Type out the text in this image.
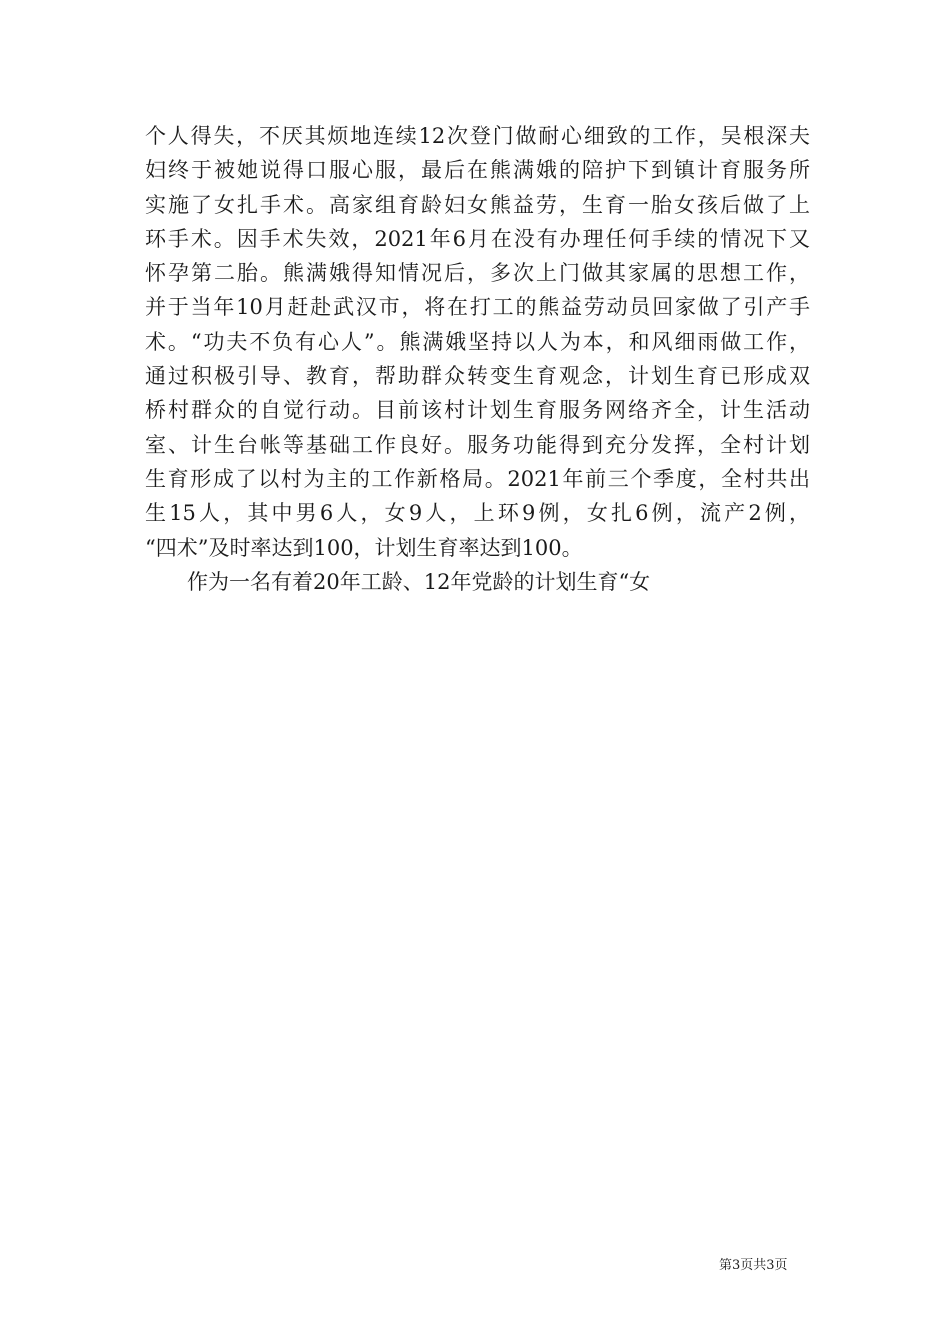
个人得失，不厌其烦地连续12次登门做耐心细致的工作，吴根深夫
妇终于被她说得口服心服，最后在熊满娥的陪护下到镇计育服务所
实施了女扎手术。高家组育龄妇女熊益劳，生育一胎女孩后做了上
环手术。因手术失效，2021年6月在没有办理任何手续的情况下又
怀孕第二胎。熊满娥得知情况后，多次上门做其家属的思想工作，
并于当年10月赶赴武汉市，将在打工的熊益劳动员回家做了引产手
术。“功夫不负有心人”。熊满娥坚持以人为本，和风细雨做工作，
通过积极引导、教育，帮助群众转变生育观念，计划生育已形成双
桥村群众的自觉行动。目前该村计划生育服务网络齐全，计生活动
室、计生台帐等基础工作良好。服务功能得到充分发挥，全村计划
生育形成了以村为主的工作新格局。2021年前三个季度，全村共出
生15人，其中男6人，女9人，上环9例，女扎6例，流产2例，
“四术”及时率达到100，计划生育率达到100。
作为一名有着20年工龄、12年党龄的计划生育“女
第3页共3页
